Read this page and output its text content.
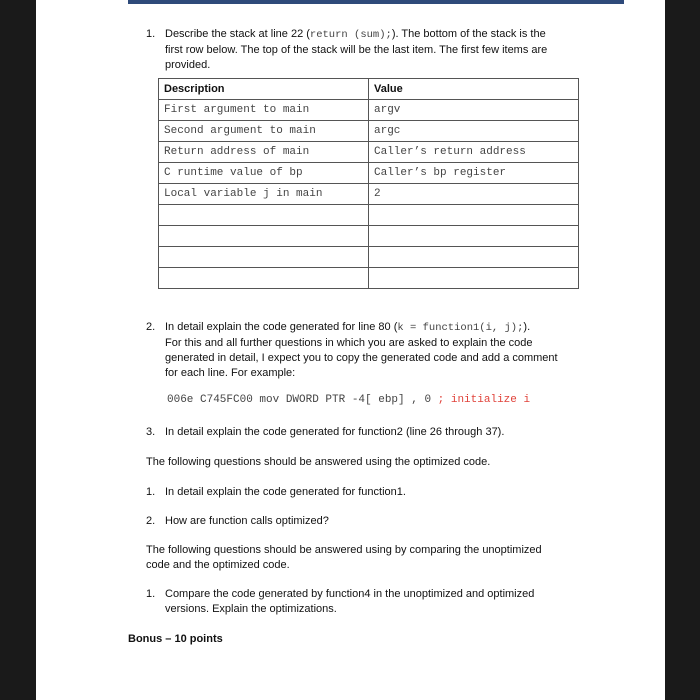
1. Describe the stack at line 22 (return (sum);). The bottom of the stack is the
first row below. The top of the stack will be the last item. The first few items are
provided.
Description	Value
First argument to main	argv
Second argument to main	argc
Return address of main	Caller’s return address
C runtime value of bp	Caller’s bp register
Local variable j in main	2

2. In detail explain the code generated for line 80 (k = function1(i, j);).
For this and all further questions in which you are asked to explain the code
generated in detail, I expect you to copy the generated code and add a comment
for each line. For example:
006e C745FC00 mov DWORD PTR -4[ ebp] , 0 ; initialize i
3. In detail explain the code generated for function2 (line 26 through 37).
The following questions should be answered using the optimized code.
1. In detail explain the code generated for function1.
2. How are function calls optimized?
The following questions should be answered using by comparing the unoptimized
code and the optimized code.
1. Compare the code generated by function4 in the unoptimized and optimized
versions. Explain the optimizations.
Bonus – 10 points
